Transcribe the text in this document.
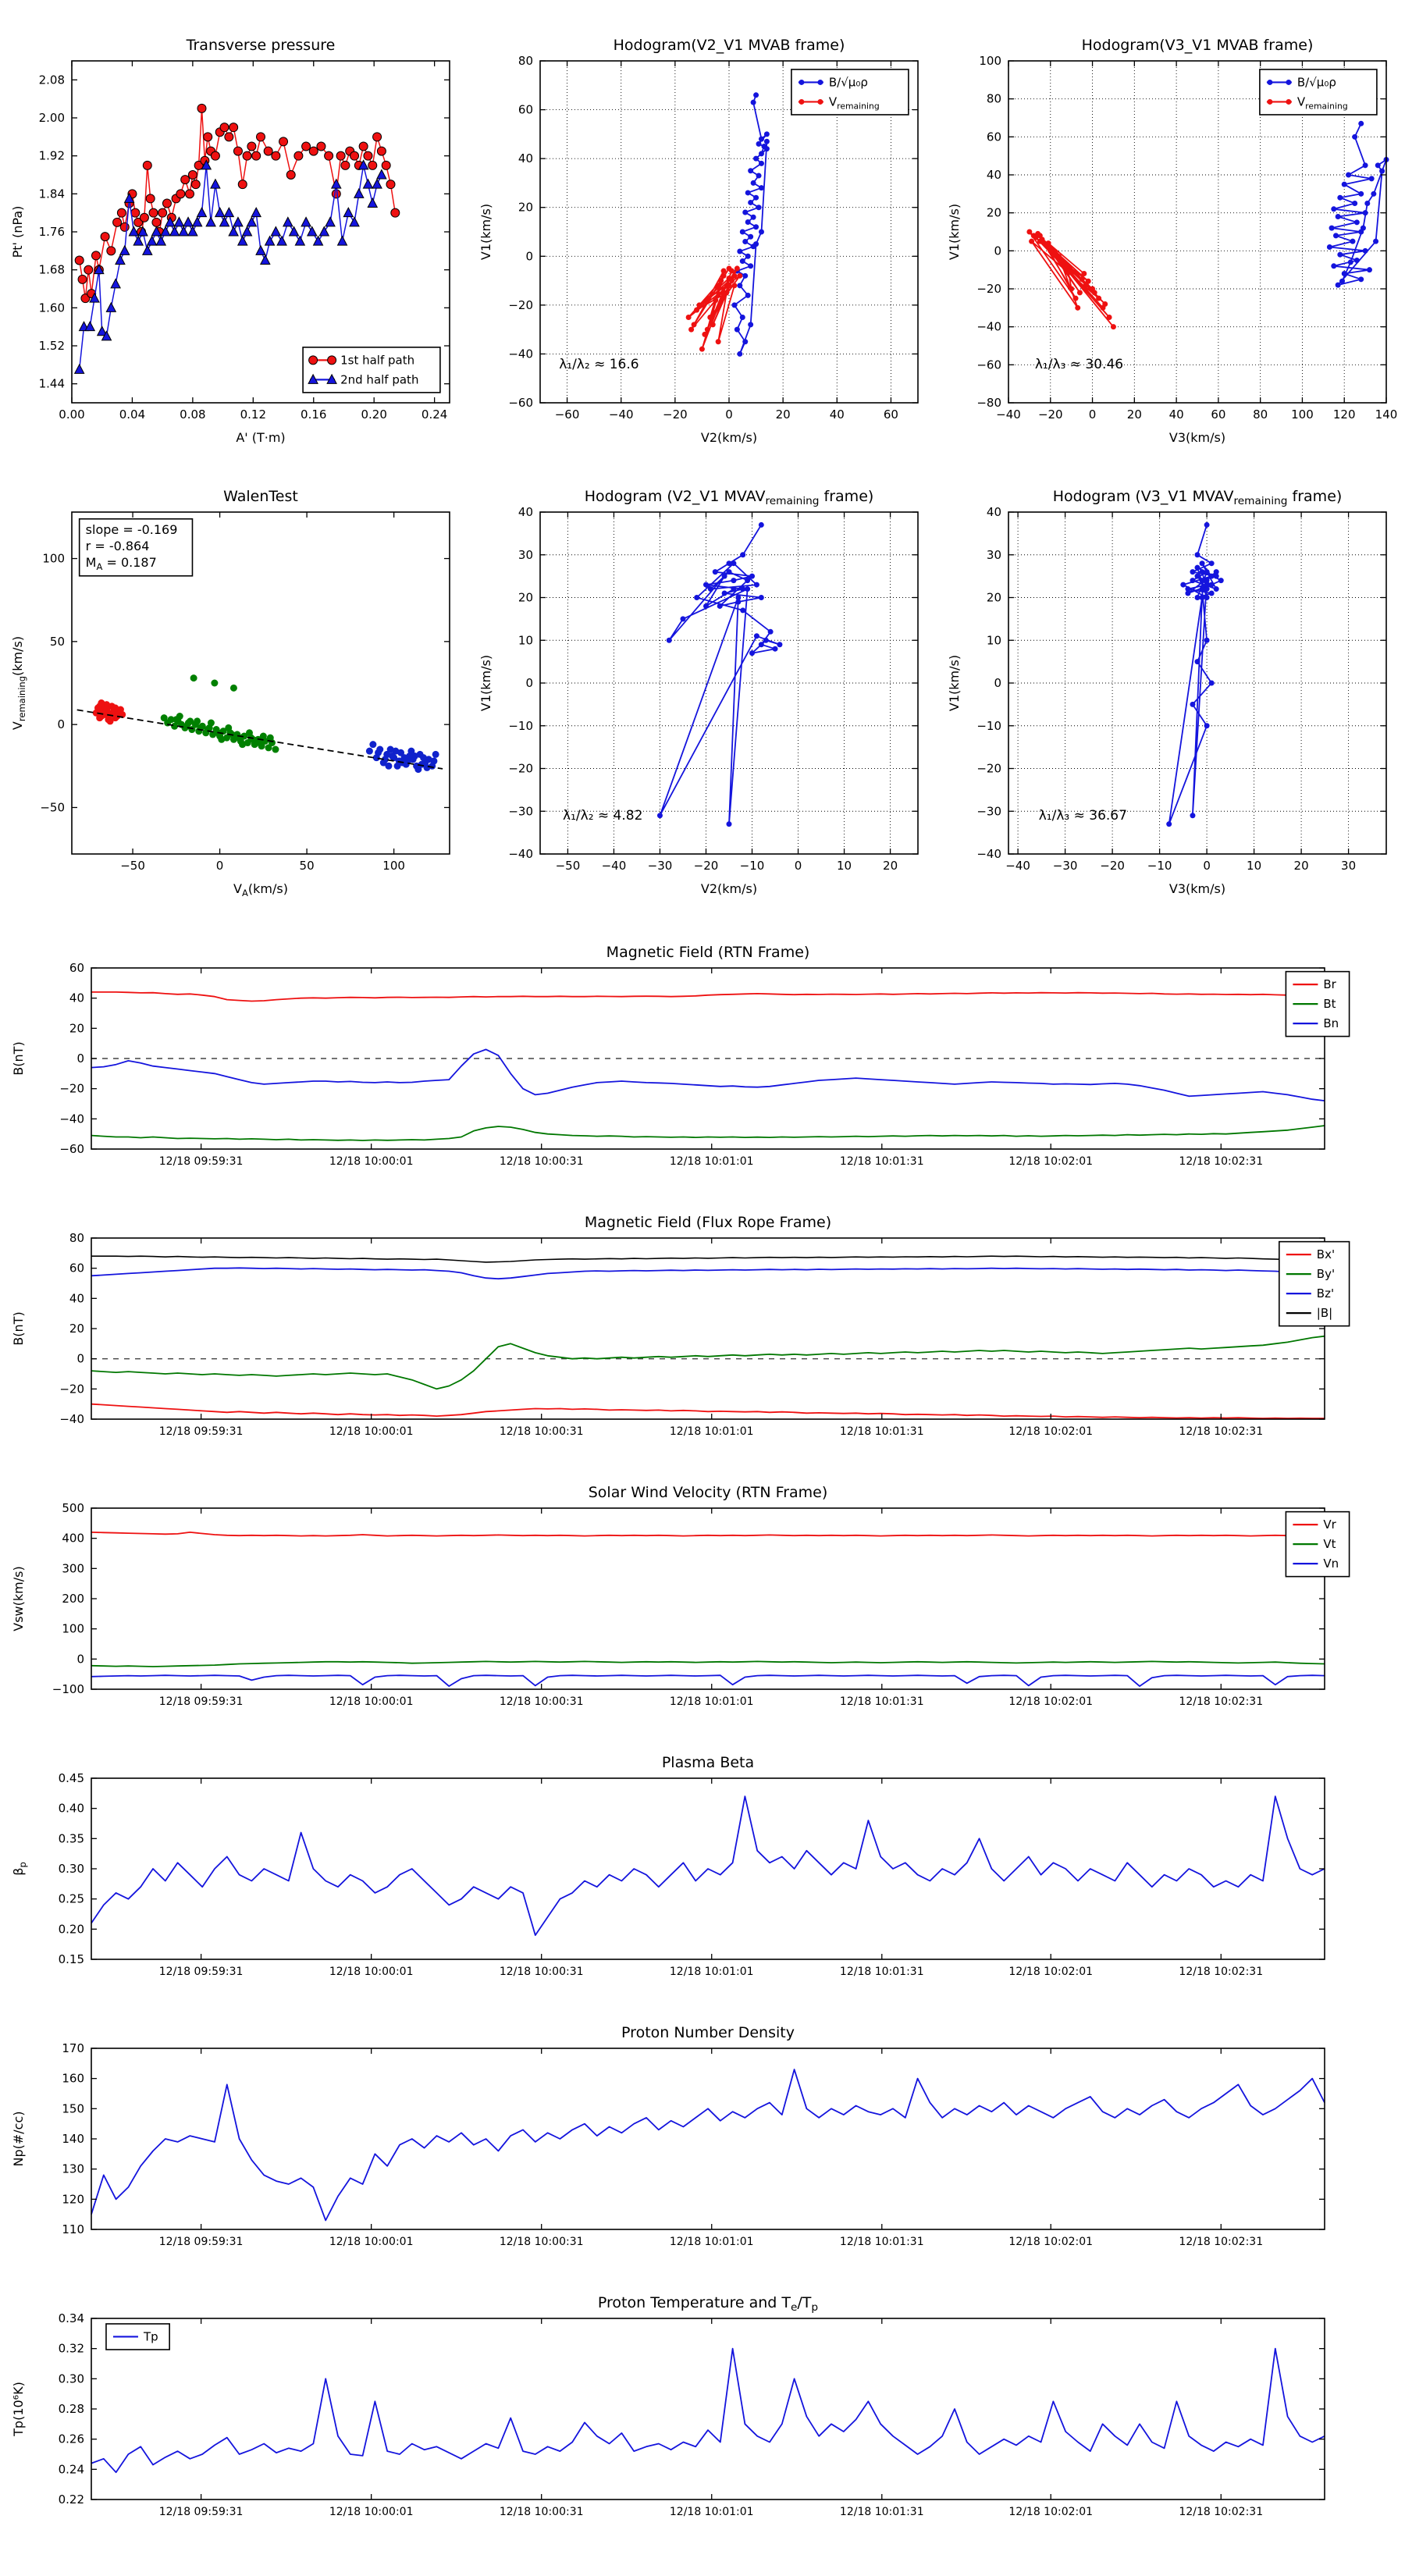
0.00	0.04	0.08	0.12	0.16	0.20	0.24
1.44
1.52
1.60
1.68
1.76
1.84
1.92
2.00
2.08
Transverse pressure
A' (T·m)
Pt' (nPa)
1st half path
2nd half path
−60 −40 −20	0	20	40	60
−60
−40
−20
0
20
40
60
80
Hodogram(V2_V1 MVAB frame)
V2(km/s)
V1(km/s)
λ₁/λ₂ ≈ 16.6
B/√μ₀ρ
$V_{remaining}$
−40 −20 0	20 40 60 80 100 120 140
−80
−60
−40
−20
0
20
40
60
80
100
Hodogram(V3_V1 MVAB frame)
V3(km/s)
V1(km/s)
λ₁/λ₃ ≈ 30.46
B/√μ₀ρ
$V_{remaining}$
−50	0	50	100
−50
0
50
100
WalenTest
$V_A(km/s)$
$V_{remaining}(km/s)$
slope = -0.169
r = -0.864
$M_A = 0.187$
−50 −40 −30 −20 −10	0	10	20
−40
−30
−20
−10
0
10
20
30
40
Hodogram (V2_V1 $MVAV_{remaining}$ frame)
V2(km/s)
V1(km/s)
λ₁/λ₂ ≈ 4.82
−40 −30 −20 −10	0	10	20	30
−40
−30
−20
−10
0
10
20
30
40
Hodogram (V3_V1 $MVAV_{remaining}$ frame)
V3(km/s)
V1(km/s)
λ₁/λ₃ ≈ 36.67
12/18 09:59:31	12/18 10:00:01	12/18 10:00:31	12/18 10:01:01	12/18 10:01:31	12/18 10:02:01	12/18 10:02:31
−60
−40
−20
0
20
40
60
Magnetic Field (RTN Frame)
B(nT)
Br
Bt
Bn
12/18 09:59:31	12/18 10:00:01	12/18 10:00:31	12/18 10:01:01	12/18 10:01:31	12/18 10:02:01	12/18 10:02:31
−40
−20
0
20
40
60
80
Magnetic Field (Flux Rope Frame)
B(nT)
Bx'
By'
Bz'
|B|
12/18 09:59:31	12/18 10:00:01	12/18 10:00:31	12/18 10:01:01	12/18 10:01:31	12/18 10:02:01	12/18 10:02:31
−100
0
100
200
300
400
500
Solar Wind Velocity (RTN Frame)
Vsw(km/s)
Vr
Vt
Vn
12/18 09:59:31	12/18 10:00:01	12/18 10:00:31	12/18 10:01:01	12/18 10:01:31	12/18 10:02:01	12/18 10:02:31
0.15
0.20
0.25
0.30
0.35
0.40
0.45
Plasma Beta
$\beta_p$
12/18 09:59:31	12/18 10:00:01	12/18 10:00:31	12/18 10:01:01	12/18 10:01:31	12/18 10:02:01	12/18 10:02:31
110
120
130
140
150
160
170
Proton Number Density
Np(#/cc)
12/18 09:59:31	12/18 10:00:01	12/18 10:00:31	12/18 10:01:01	12/18 10:01:31	12/18 10:02:01	12/18 10:02:31
0.22
0.24
0.26
0.28
0.30
0.32
0.34
Proton Temperature and $T_e/T_p$
Tp(10⁶K)
Tp
